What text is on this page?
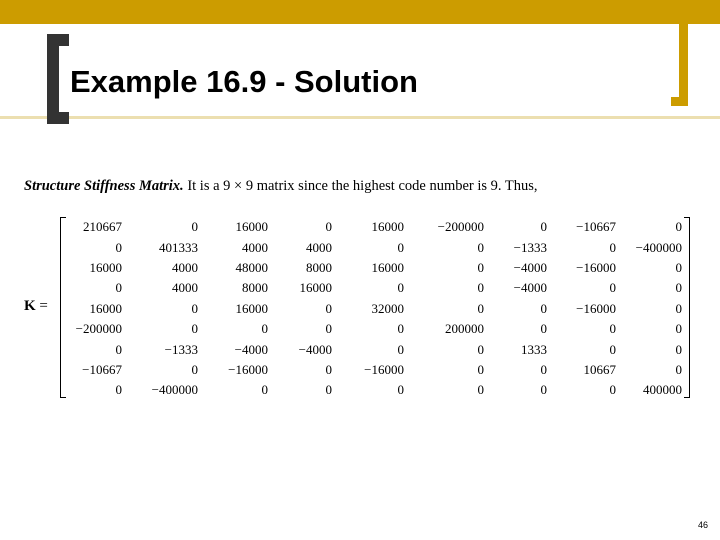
Example 16.9 - Solution

Structure Stiffness Matrix. It is a 9 × 9 matrix since the highest code number is 9. Thus,

K =
210667	0	16000	0	16000	−200000	0	−10667	0
0	401333	4000	4000	0	0	−1333	0	−400000
16000	4000	48000	8000	16000	0	−4000	−16000	0
0	4000	8000	16000	0	0	−4000	0	0
16000	0	16000	0	32000	0	0	−16000	0
−200000	0	0	0	0	200000	0	0	0
0	−1333	−4000	−4000	0	0	1333	0	0
−10667	0	−16000	0	−16000	0	0	10667	0
0	−400000	0	0	0	0	0	0	400000
46
